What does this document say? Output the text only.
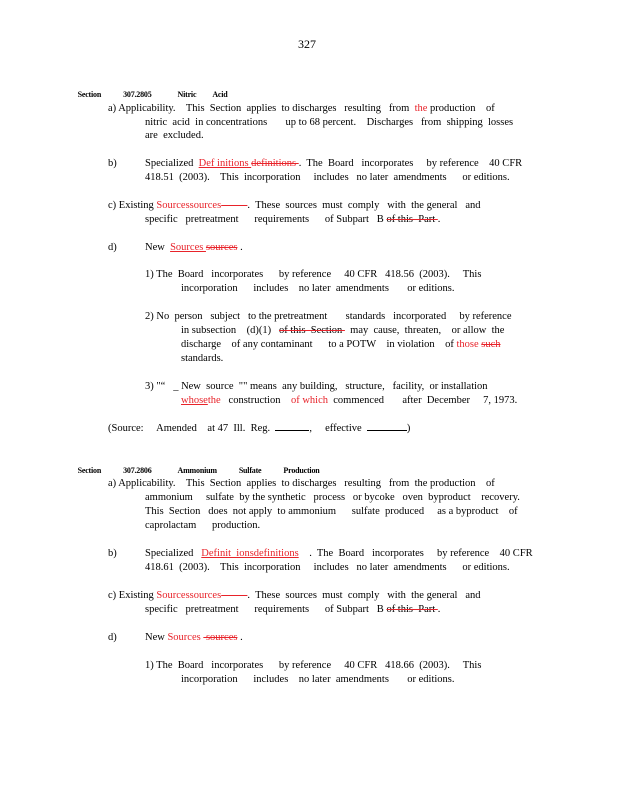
327

Section	307.2805	Nitric Acid

a) Applicability.    This  Section  applies  to discharges   resulting   from  the production    of
nitric  acid  in concentrations       up to 68 percent.    Discharges   from  shipping  losses
are  excluded.
b)	Specialized  Def initions definitions .  The  Board   incorporates     by reference    40 CFR
418.51  (2003).    This  incorporation     includes   no later  amendments      or editions.
c) Existing Sourcessources	.  These  sources  must  comply   with  the general   and
specific   pretreatment      requirements      of Subpart   B of this  Part .
d)	New  Sources sources .
1) The  Board   incorporates      by reference     40 CFR   418.56  (2003).     This
incorporation      includes    no later  amendments       or editions.
2) No  person   subject   to the pretreatment       standards   incorporated     by reference
in subsection    (d)(1)   of this  Section   may  cause,  threaten,    or allow  the
discharge    of any contaminant      to a POTW    in violation    of those such
standards.
3) "“   _ New  source  "" means  any building,   structure,   facility,  or installation
whosethe   construction    of which  commenced       after  December     7, 1973.
(Source:     Amended    at 47  Ill.  Reg.	,     effective	)

Section	307.2806	Ammonium	Sulfate	Production

a) Applicability.    This  Section  applies  to discharges   resulting   from  the production    of
ammonium     sulfate  by the synthetic   process   or bycoke   oven  byproduct    recovery.
This  Section   does  not apply  to ammonium      sulfate  produced     as a byproduct    of
caprolactam      production.
b)	Specialized   Definit  ionsdefinitions    .  The  Board   incorporates     by reference    40 CFR
418.61  (2003).    This  incorporation     includes   no later  amendments      or editions.
c) Existing Sourcessources	.  These  sources  must  comply   with  the general   and
specific   pretreatment      requirements      of Subpart   B of this  Part .
d)	New Sources  sources .
1) The  Board   incorporates      by reference     40 CFR   418.66  (2003).     This
incorporation      includes    no later  amendments       or editions.
